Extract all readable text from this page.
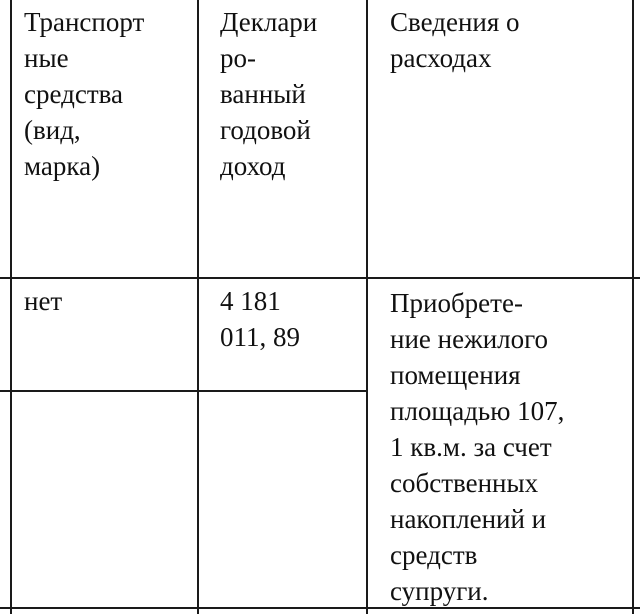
Транспорт
ные
средства
(вид,
марка)
Деклари
ро-
ванный
годовой
доход
Сведения о
расходах
нет	4 181
011, 89
Приобрете-
ние нежилого
помещения
площадью 107,
1 кв.м. за счет
собственных
накоплений и
средств
супруги.
